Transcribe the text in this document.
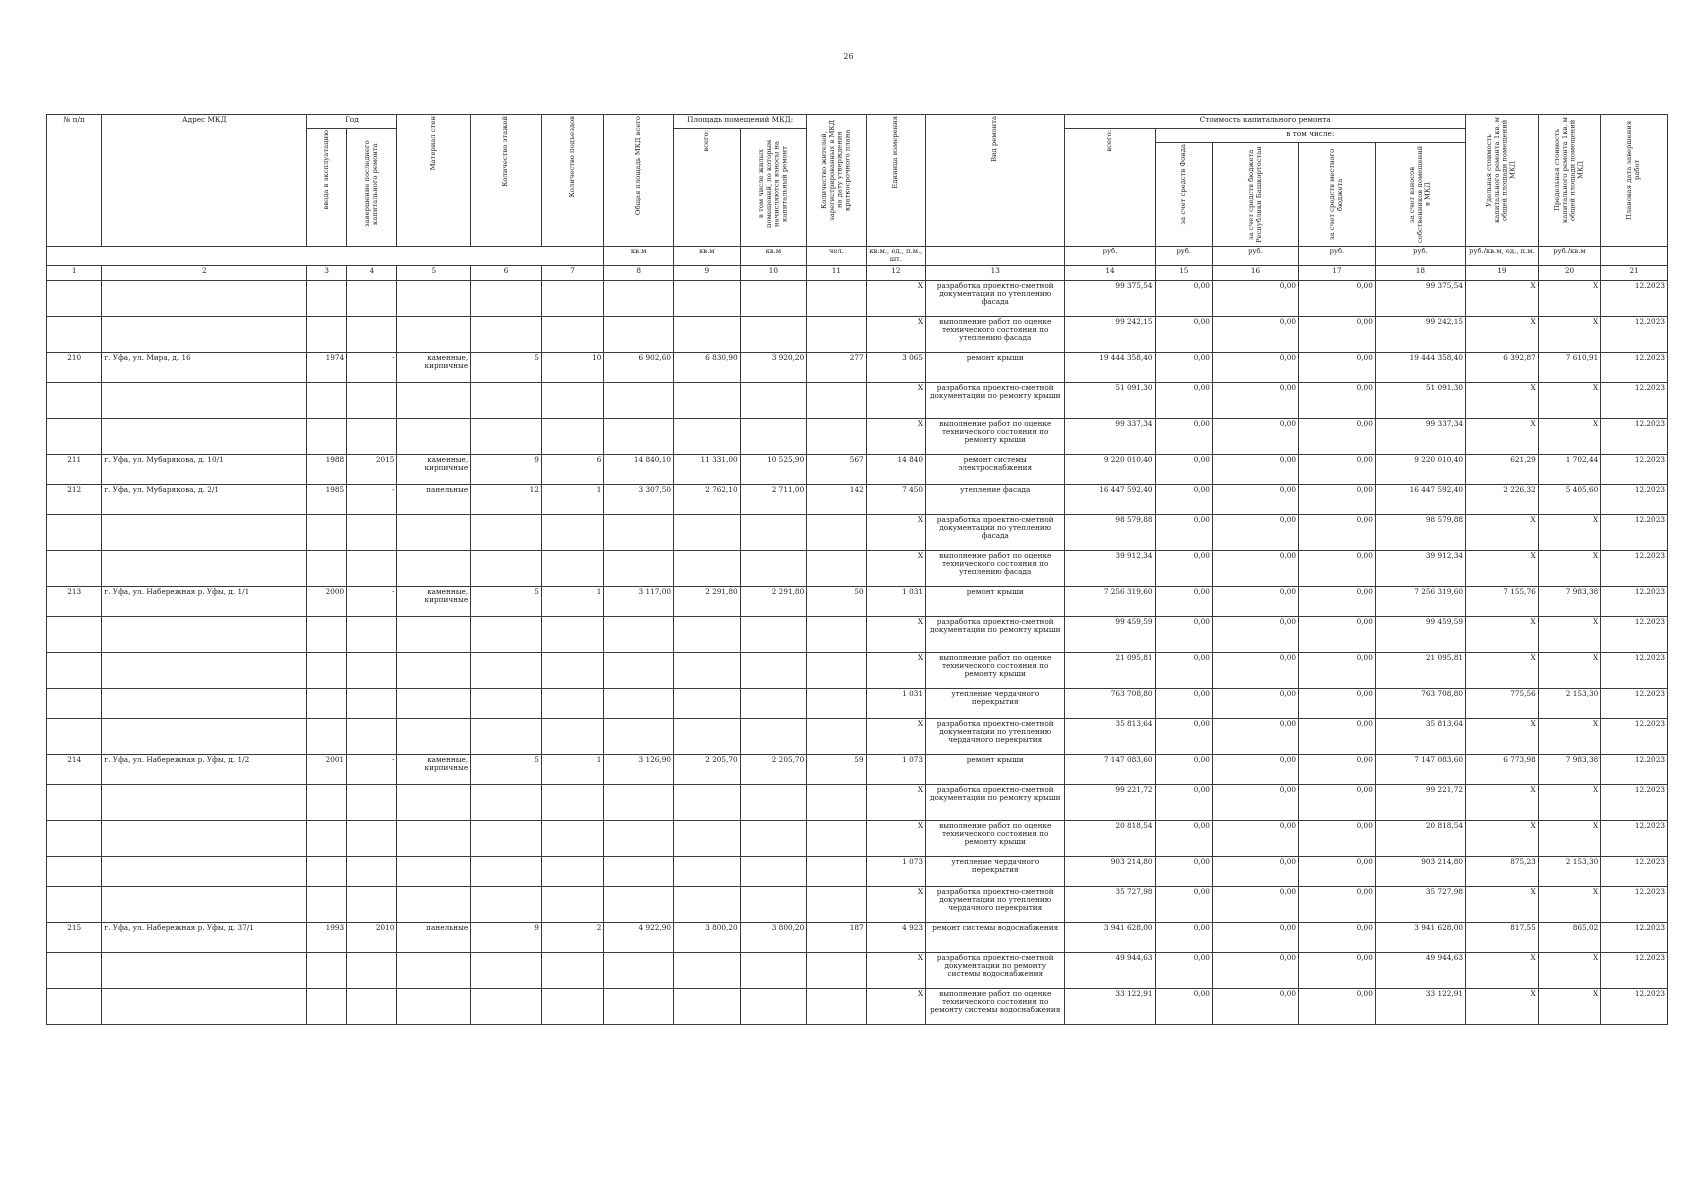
26
№ п/п	Адрес МКД	Год		Материал стен	Количество этажей	Количество подъездов	Общая площадь МКД всего	Площадь помещений МКД:		Количество жителей, зарегистрированных в МКД на дату утверждения краткосрочного плана	Единица измерения	Вид ремонта	Стоимость капитального ремонта					Удельная стоимость капитального ремонта 1кв. м общей площади помещений МКД	Предельная стоимость капитального ремонта 1кв. м общей площади помещений МКД	Плановая дата завершения работ

		ввода в эксплуатацию	завершение последнего капитального ремонта					всего:	в том числе жилых помещений, по которым начисляются взносы на капитальный ремонт				всего:	в том числе:						

														за счет средств Фонда	за счет средств бюджета Республики Башкортостан	за счет средств местного бюджета	за счет взносов собственников помещений в МКД			

							кв.м	кв.м	кв.м	чел.	кв.м., ед., п.м., шт.		руб.	руб.	руб.	руб.	руб.	руб./кв.м, ед., п.м.	руб./кв.м	
1	2	3	4	5	6	7	8	9	10	11	12	13	14	15	16	17	18	19	20	21
											X	разработка проектно-сметной документации по утеплению фасада	99 375,54	0,00	0,00	0,00	99 375,54	X	X	12.2023
											X	выполнение работ по оценке технического состояния по утеплению фасада	99 242,15	0,00	0,00	0,00	99 242,15	X	X	12.2023
210	г. Уфа, ул. Мира, д. 16	1974	-	каменные, кирпичные	5	10	6 902,60	6 830,90	3 920,20	277	3 065	ремонт крыши	19 444 358,40	0,00	0,00	0,00	19 444 358,40	6 392,87	7 610,91	12.2023
											X	разработка проектно-сметной документации по ремонту крыши	51 091,30	0,00	0,00	0,00	51 091,30	X	X	12.2023
											X	выполнение работ по оценке технического состояния по ремонту крыши	99 337,34	0,00	0,00	0,00	99 337,34	X	X	12.2023
211	г. Уфа, ул. Мубарякова, д. 10/1	1988	2015	каменные, кирпичные	9	6	14 840,10	11 331,00	10 525,90	567	14 840	ремонт системы электроснабжения	9 220 010,40	0,00	0,00	0,00	9 220 010,40	621,29	1 702,44	12.2023
212	г. Уфа, ул. Мубарякова, д. 2/1	1985	-	панельные	12	1	3 307,50	2 762,10	2 711,00	142	7 450	утепление фасада	16 447 592,40	0,00	0,00	0,00	16 447 592,40	2 226,32	5 405,60	12.2023
											X	разработка проектно-сметной документации по утеплению фасада	98 579,88	0,00	0,00	0,00	98 579,88	X	X	12.2023
											X	выполнение работ по оценке технического состояния по утеплению фасада	39 912,34	0,00	0,00	0,00	39 912,34	X	X	12.2023
213	г. Уфа, ул. Набережная р. Уфы, д. 1/1	2000	-	каменные, кирпичные	5	1	3 117,00	2 291,80	2 291,80	50	1 031	ремонт крыши	7 256 319,60	0,00	0,00	0,00	7 256 319,60	7 155,76	7 983,38	12.2023
											X	разработка проектно-сметной документации по ремонту крыши	99 459,59	0,00	0,00	0,00	99 459,59	X	X	12.2023
											X	выполнение работ по оценке технического состояния по ремонту крыши	21 095,81	0,00	0,00	0,00	21 095,81	X	X	12.2023
											1 031	утепление чердачного перекрытия	763 708,80	0,00	0,00	0,00	763 708,80	775,56	2 153,30	12.2023
											X	разработка проектно-сметной документации по утеплению чердачного перекрытия	35 813,64	0,00	0,00	0,00	35 813,64	X	X	12.2023
214	г. Уфа, ул. Набережная р. Уфы, д. 1/2	2001	-	каменные, кирпичные	5	1	3 126,90	2 205,70	2 205,70	59	1 073	ремонт крыши	7 147 083,60	0,00	0,00	0,00	7 147 083,60	6 773,98	7 983,38	12.2023
											X	разработка проектно-сметной документации по ремонту крыши	99 221,72	0,00	0,00	0,00	99 221,72	X	X	12.2023
											X	выполнение работ по оценке технического состояния по ремонту крыши	20 818,54	0,00	0,00	0,00	20 818,54	X	X	12.2023
											1 073	утепление чердачного перекрытия	903 214,80	0,00	0,00	0,00	903 214,80	875,23	2 153,30	12.2023
											X	разработка проектно-сметной документации по утеплению чердачного перекрытия	35 727,98	0,00	0,00	0,00	35 727,98	X	X	12.2023
215	г. Уфа, ул. Набережная р. Уфы, д. 37/1	1993	2010	панельные	9	2	4 922,90	3 800,20	3 800,20	187	4 923	ремонт системы водоснабжения	3 941 628,00	0,00	0,00	0,00	3 941 628,00	817,55	865,02	12.2023
											X	разработка проектно-сметной документации по ремонту системы водоснабжения	49 944,63	0,00	0,00	0,00	49 944,63	X	X	12.2023
											X	выполнение работ по оценке технического состояния по ремонту системы водоснабжения	33 122,91	0,00	0,00	0,00	33 122,91	X	X	12.2023
